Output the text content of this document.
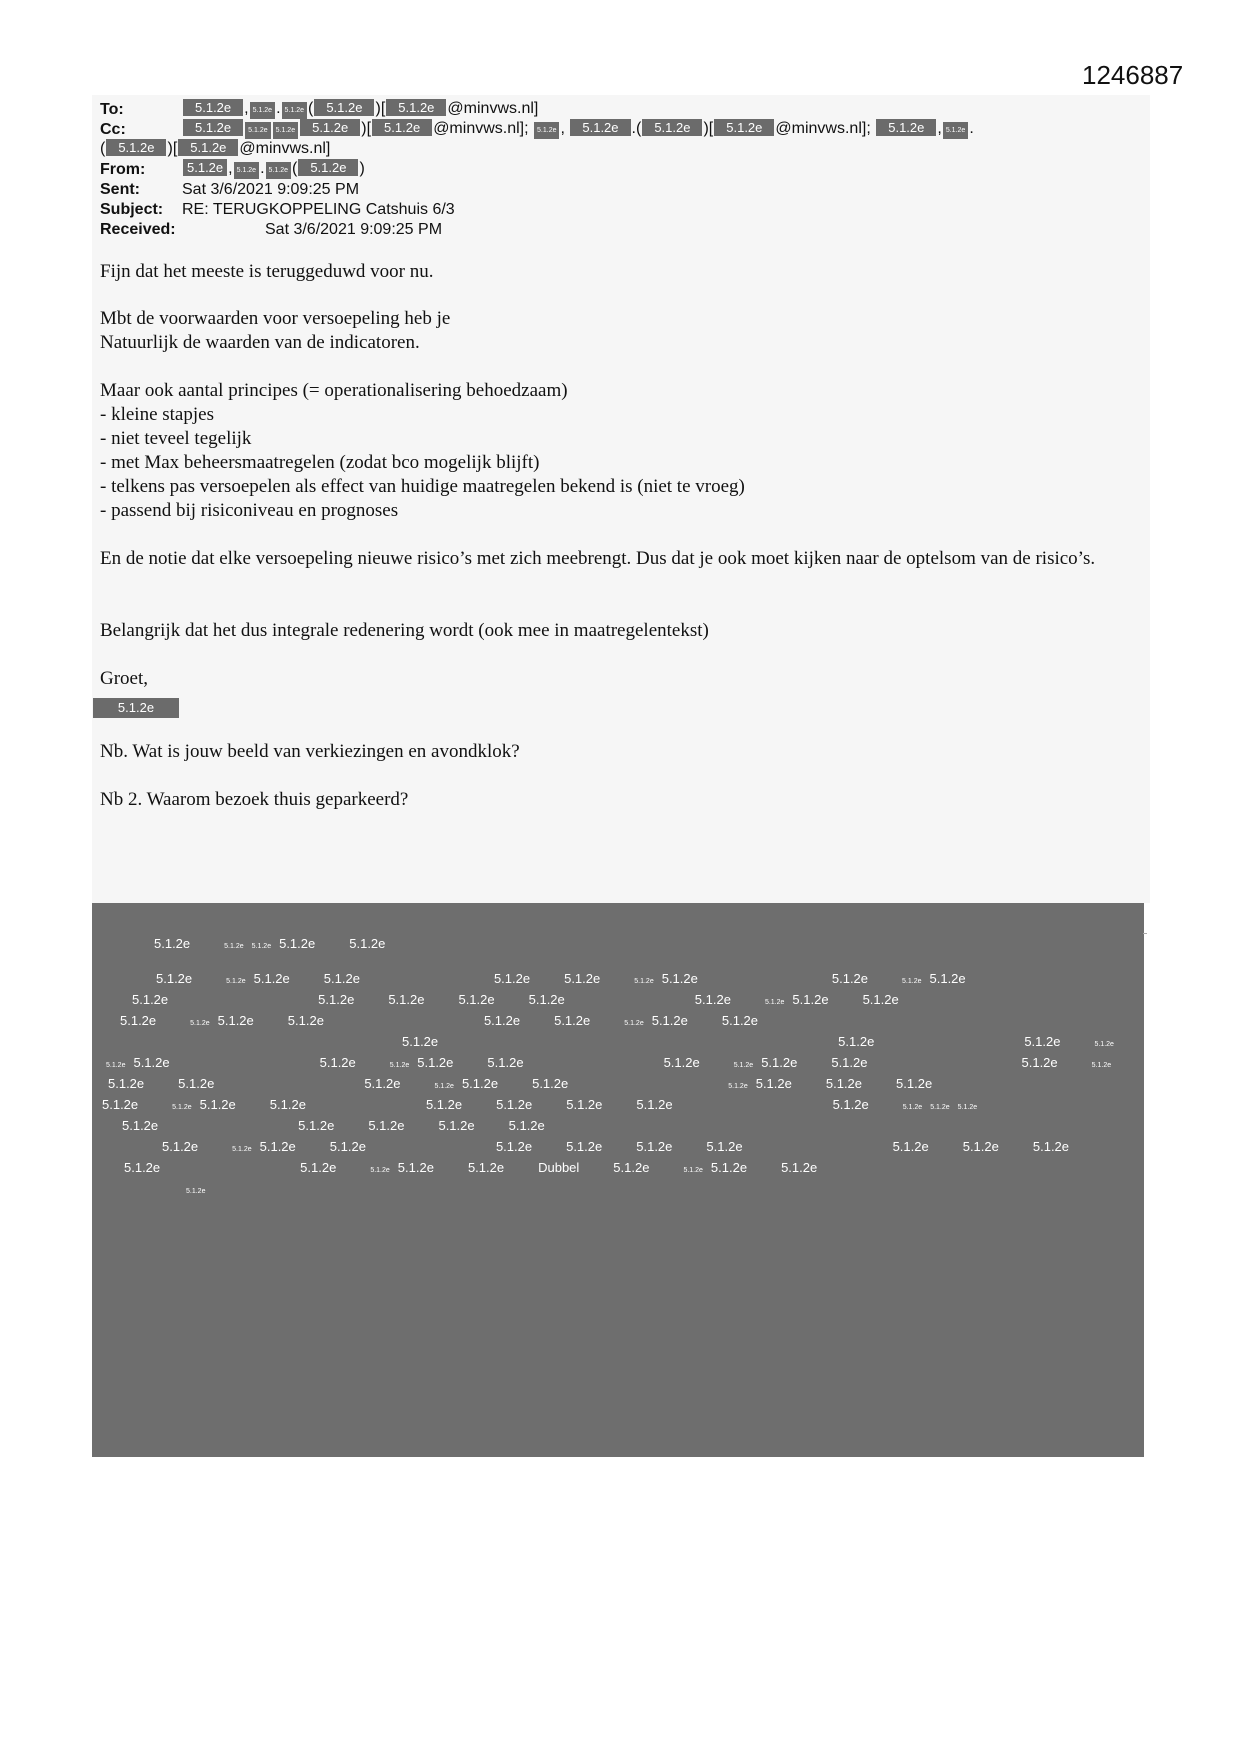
1246887
To:	5.1.2e , 5.1.2e . 5.1.2e ( 5.1.2e )[ 5.1.2e @minvws.nl]
Cc:	5.1.2e 5.1.2e 5.1.2e 5.1.2e )[ 5.1.2e @minvws.nl]; 5.1.2e , 5.1.2e .( 5.1.2e )[ 5.1.2e @minvws.nl]; 5.1.2e , 5.1.2e .
( 5.1.2e )[ 5.1.2e @minvws.nl]
From:	5.1.2e , 5.1.2e . 5.1.2e ( 5.1.2e )
Sent:	Sat 3/6/2021 9:09:25 PM
Subject: RE: TERUGKOPPELING Catshuis 6/3
Received:	Sat 3/6/2021 9:09:25 PM
Fijn dat het meeste is teruggeduwd voor nu.
Mbt de voorwaarden voor versoepeling heb je
Natuurlijk de waarden van de indicatoren.
Maar ook aantal principes (= operationalisering behoedzaam)
- kleine stapjes
- niet teveel tegelijk
- met Max beheersmaatregelen (zodat bco mogelijk blijft)
- telkens pas versoepelen als effect van huidige maatregelen bekend is (niet te vroeg)
- passend bij risiconiveau en prognoses
En de notie dat elke versoepeling nieuwe risico’s met zich meebrengt. Dus dat je ook moet kijken naar de optelsom van de risico’s.
Belangrijk dat het dus integrale redenering wordt (ook mee in maatregelentekst)
Groet,
5.1.2e
Nb. Wat is jouw beeld van verkiezingen en avondklok?
Nb 2. Waarom bezoek thuis geparkeerd?
5.1.2e	5.1.2e 5.1.2e 5.1.2e	5.1.2e
5.1.2e	5.1.2e 5.1.2e	5.1.2e	5.1.2e	5.1.2e	5.1.2e 5.1.2e	5.1.2e	5.1.2e 5.1.2e
5.1.2e	5.1.2e	5.1.2e	5.1.2e	5.1.2e	5.1.2e	5.1.2e 5.1.2e	5.1.2e
5.1.2e	5.1.2e 5.1.2e	5.1.2e	5.1.2e	5.1.2e	5.1.2e 5.1.2e	5.1.2e
5.1.2e	5.1.2e	5.1.2e	5.1.2e
5.1.2e 5.1.2e	5.1.2e	5.1.2e 5.1.2e	5.1.2e	5.1.2e	5.1.2e 5.1.2e	5.1.2e	5.1.2e	5.1.2e
5.1.2e	5.1.2e	5.1.2e	5.1.2e 5.1.2e	5.1.2e	5.1.2e 5.1.2e	5.1.2e	5.1.2e
5.1.2e	5.1.2e 5.1.2e	5.1.2e	5.1.2e	5.1.2e	5.1.2e	5.1.2e	5.1.2e	5.1.2e 5.1.2e 5.1.2e
5.1.2e	5.1.2e	5.1.2e	5.1.2e	5.1.2e
5.1.2e	5.1.2e 5.1.2e	5.1.2e	5.1.2e	5.1.2e	5.1.2e	5.1.2e	5.1.2e	5.1.2e	5.1.2e
5.1.2e	5.1.2e	5.1.2e 5.1.2e	5.1.2e	Dubbel	5.1.2e	5.1.2e 5.1.2e	5.1.2e
5.1.2e
